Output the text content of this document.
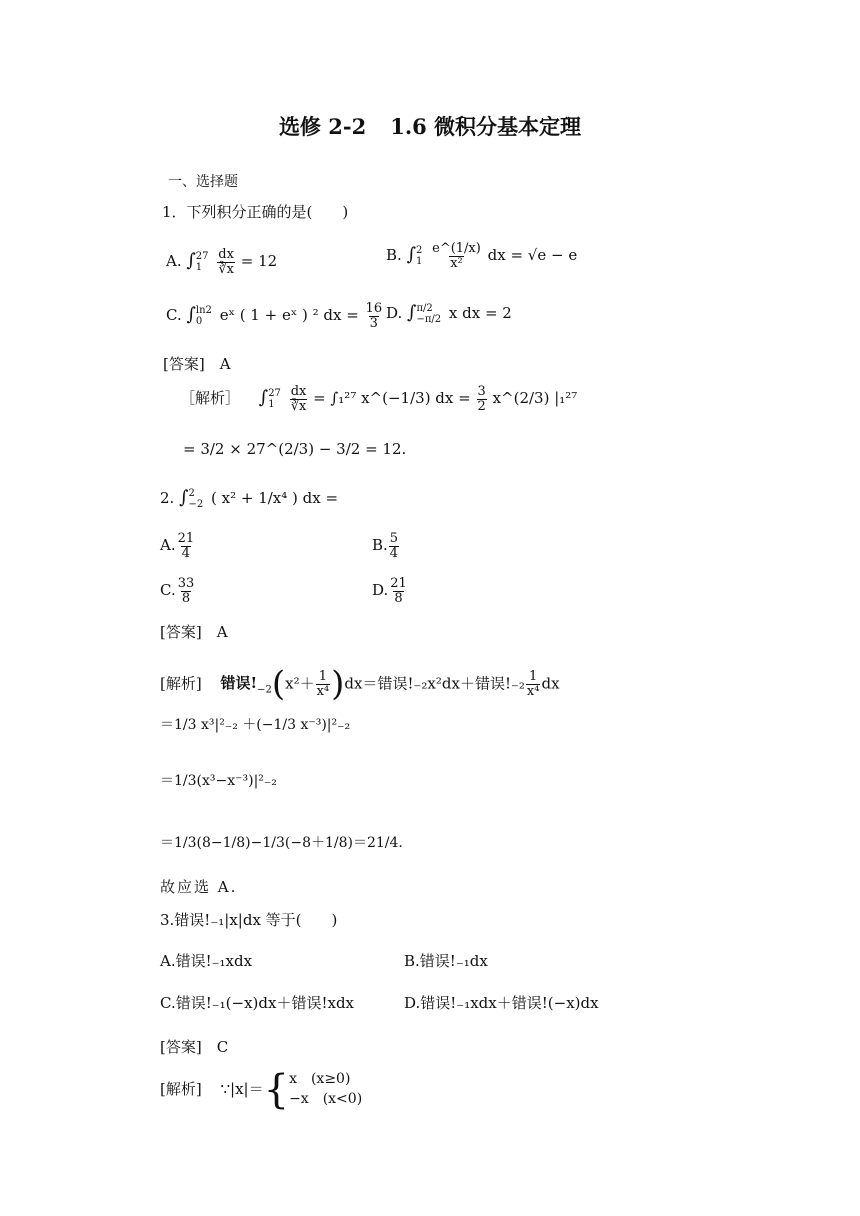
选修 2-2 1.6 微积分基本定理
一、选择题
1．下列积分正确的是(　　)
A. ∫ 27
1
	$\frac{dx}{∛x} = 12$	B. ∫ 2
1
$\frac{e\^{}(1/x)}{\text{x²}}$ dx = √e − e
C. ∫ ln2
0	eˣ ( 1 + eˣ ) ² dx = $\frac{16}{3} D$. ∫ π/2
−π/2 x dx = 2
[答案]　A
［解析］ ∫ 27
1
	$\frac{dx}{∛x} = \int_1^{27}$ x^(−1/3) dx = $\frac{3}{2}$ x^(2/3) |₁²⁷
= 3/2 × 27^(2/3) − 3/2 = 12.
2. ∫ 2
−2 ( x² + 1/x⁴ ) dx =
A. $\frac{21}{4}$	B. $\frac{5}{4}$
C. $\frac{33}{8}$	D. $\frac{21}{8}$
[答案]　A
[解析] 错误$!_{-2}(x^2+ \frac{1}{\text{x⁴}} )dx=$错误!₋₂x²dx＋错误$!_{-2} \frac{1}{\text{x⁴}}$ dx
＝1/3 x³|²₋₂ ＋(−1/3 x⁻³)|²₋₂
＝1/3(x³−x⁻³)|²₋₂
＝1/3(8−1/8)−1/3(−8＋1/8)＝21/4.
故应选 A.
3.错误!₋₁|x|dx 等于(　　)
A.错误!₋₁xdx	B.错误!₋₁dx
C.错误!₋₁(−x)dx＋错误!xdx	D.错误!₋₁xdx＋错误!(−x)dx
[答案]　C
[解析] ∵|x|＝{ x　(x≥0)
−x　(x<0)
